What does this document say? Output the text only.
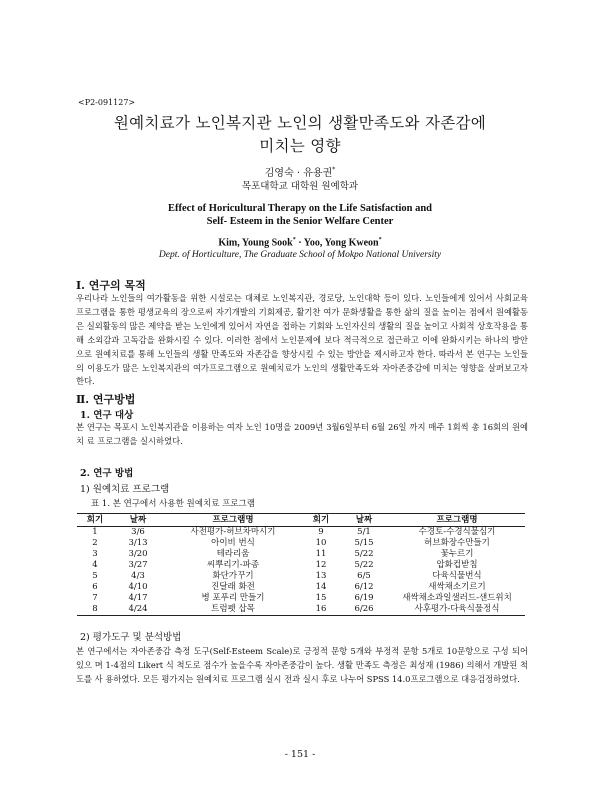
<P2-091127>
원예치료가 노인복지관 노인의 생활만족도와 자존감에
미치는 영향
김영숙 · 유용권*
목포대학교 대학원 원예학과
Effect of Horicultural Therapy on the Life Satisfaction and
Self- Esteem in the Senior Welfare Center
Kim, Young Sook* · Yoo, Yong Kweon*
Dept. of Horticulture, The Graduate School of Mokpo National University
Ⅰ. 연구의 목적

우리나라 노인들의 여가활동을 위한 시설로는 대체로 노인복지관, 경로당, 노인대학 등이 있다. 노인들에게 있어서 사회교육 프로그램을 통한 평생교육의 장으로써 자기개발의 기회제공, 활기찬 여가 문화생활을 통한 삶의 질을 높이는 점에서 원예활동 은 실외활동의 많은 제약을 받는 노인에게 있어서 자연을 접하는 기회와 노인자신의 생활의 질을 높이고 사회적 상호작용을 통 해 소외감과 고독감을 완화시킬 수 있다. 이러한 점에서 노인문제에 보다 적극적으로 접근하고 이에 완화시키는 하나의 방안 으로 원예치료를 통해 노인들의 생활 만족도와 자존감을 향상시킬 수 있는 방안을 제시하고자 한다. 따라서 본 연구는 노인들의 이용도가 많은 노인복지관의 여가프로그램으로 원예치료가 노인의 생활만족도와 자아존중감에 미치는 영향을 살펴보고자 한다.

Ⅱ. 연구방법
1. 연구 대상

본 연구는 목포시 노인복지관을 이용하는 여자 노인 10명을 2009년 3월6일부터 6월 26일 까지 매주 1회씩 총 16회의 원예치 료 프로그램을 실시하였다.

2. 연구 방법
1) 원예치료 프로그램
표 1. 본 연구에서 사용한 원예치료 프로그램
회기	날짜	프로그램명	회기	날짜	프로그램명
1	3/6	사전평가-허브차마시기	9	5/1	수경토-수경식물심기
2	3/13	아이비 번식	10	5/15	허브화장수만들기
3	3/20	테라리움	11	5/22	꽃누르기
4	3/27	씨뿌리기-파종	12	5/22	압화컵받침
5	4/3	화단가꾸기	13	6/5	다육식물번식
6	4/10	진달래 화전	14	6/12	새싹채소기르기
7	4/17	병 포푸리 만들기	15	6/19	새싹채소과일샐러드-샌드위치
8	4/24	트럼펫 삽목	16	6/26	사후평가-다육식물정식
2) 평가도구 및 분석방법

본 연구에서는 자아존중감 측정 도구(Self-Esteem Scale)로 긍정적 문항 5개와 부정적 문항 5개로 10문항으로 구성 되어 있으 며 1-4점의 Likert 식 척도로 점수가 높을수록 자아존중감이 높다. 생활 만족도 측정은 최성재 (1986) 의해서 개발된 척도를 사 용하였다. 모든 평가지는 원예치료 프로그램 실시 전과 실시 후로 나누어 SPSS 14.0프로그램으로 대응검정하였다.

- 151 -
